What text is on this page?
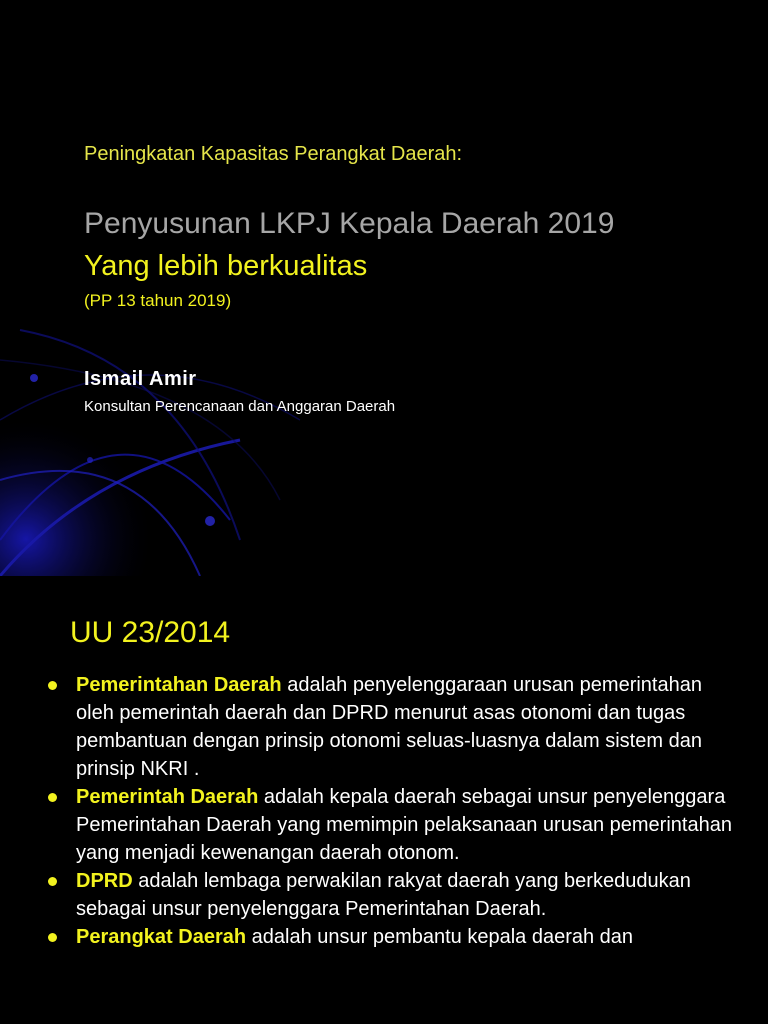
Peningkatan Kapasitas Perangkat Daerah:
Penyusunan LKPJ Kepala Daerah 2019
Yang lebih berkualitas
(PP 13 tahun 2019)
Ismail Amir
Konsultan Perencanaan dan Anggaran Daerah
UU 23/2014
Pemerintahan Daerah adalah penyelenggaraan urusan pemerintahan oleh pemerintah daerah dan DPRD menurut asas otonomi dan tugas pembantuan dengan prinsip otonomi seluas-luasnya dalam sistem dan prinsip NKRI .
Pemerintah Daerah adalah kepala daerah sebagai unsur penyelenggara Pemerintahan Daerah yang memimpin pelaksanaan urusan pemerintahan yang menjadi kewenangan daerah otonom.
DPRD adalah lembaga perwakilan rakyat daerah yang berkedudukan sebagai unsur penyelenggara Pemerintahan Daerah.
Perangkat Daerah adalah unsur pembantu kepala daerah dan
